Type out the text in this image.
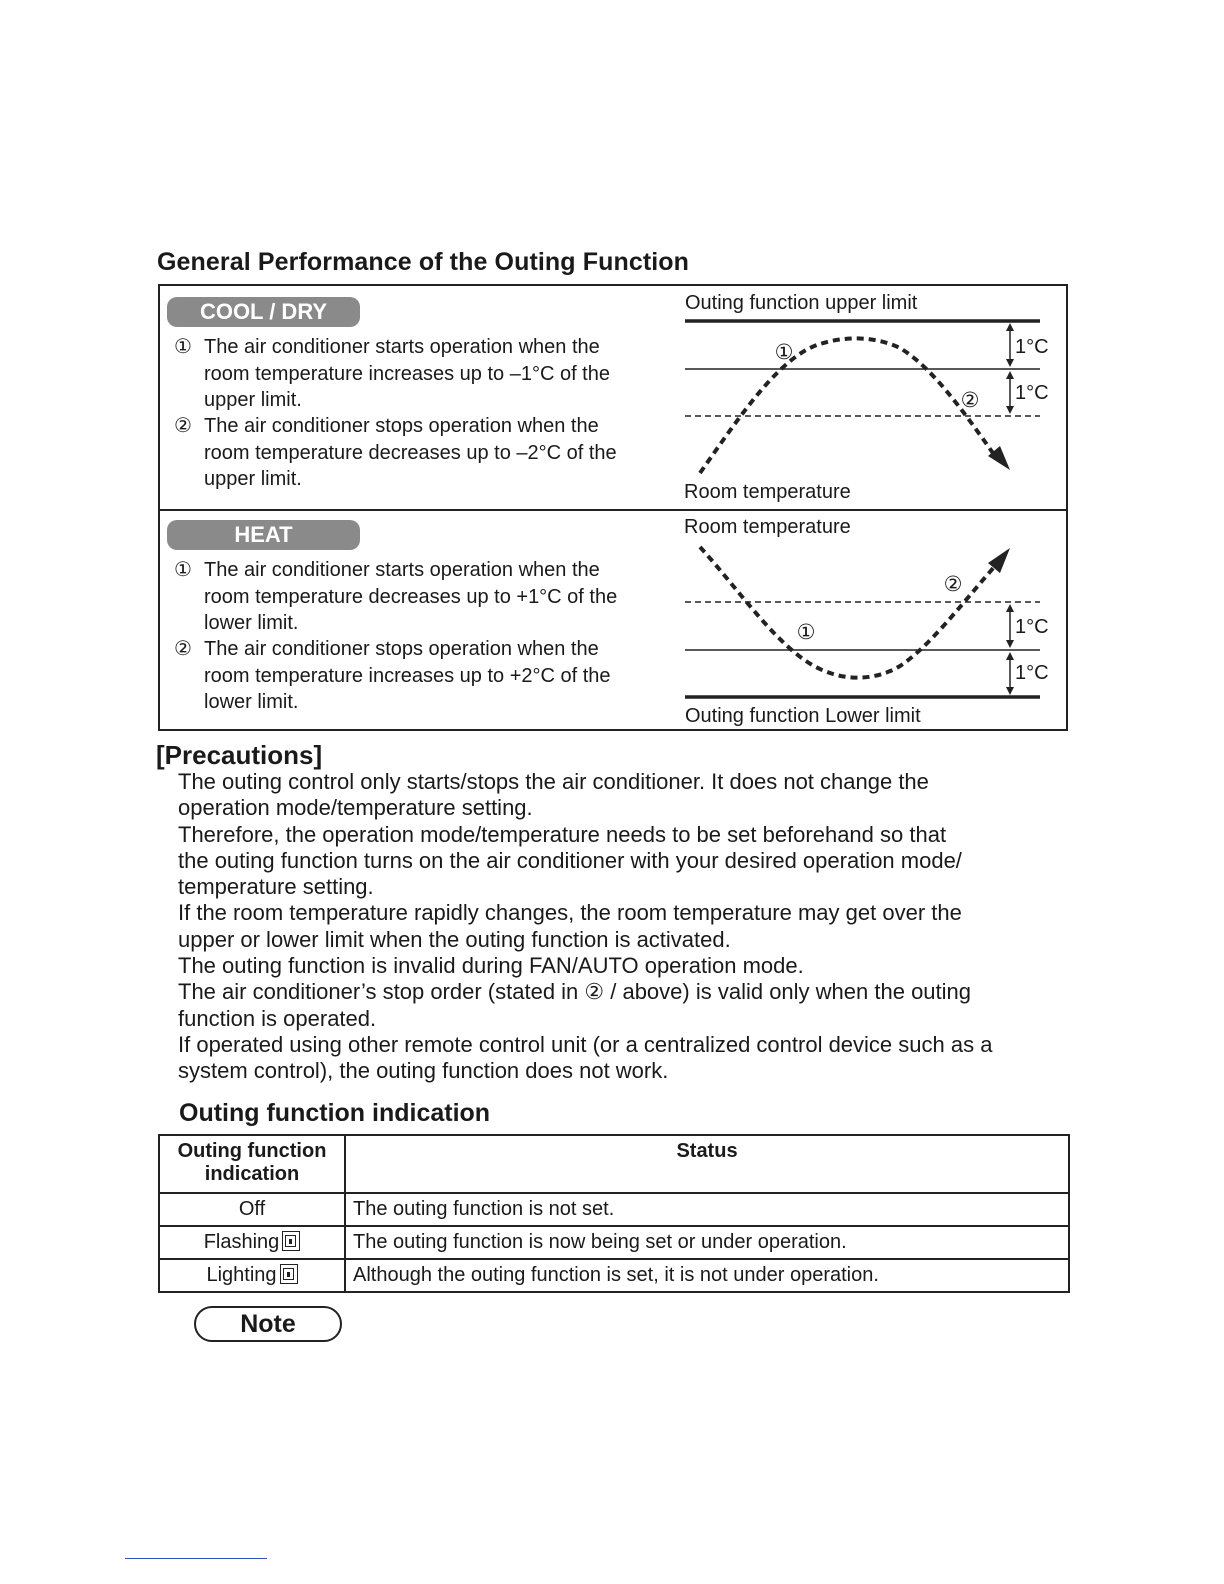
General Performance of the Outing Function
COOL / DRY
① The air conditioner starts operation when the room temperature increases up to –1°C of the upper limit.
② The air conditioner stops operation when the room temperature decreases up to –2°C of the upper limit.
Outing function upper limit
①
②
1°C
1°C
Room temperature
HEAT
① The air conditioner starts operation when the room temperature decreases up to +1°C of the lower limit.
② The air conditioner stops operation when the room temperature increases up to +2°C of the lower limit.
Room temperature
②
①	1°C
1°C
Outing function Lower limit
[Precautions]

The outing control only starts/stops the air conditioner. It does not change the

operation mode/temperature setting.

Therefore, the operation mode/temperature needs to be set beforehand so that

the outing function turns on the air conditioner with your desired operation mode/

temperature setting.

If the room temperature rapidly changes, the room temperature may get over the

upper or lower limit when the outing function is activated.

The outing function is invalid during FAN/AUTO operation mode.

The air conditioner’s stop order (stated in ② / above) is valid only when the outing

function is operated.

If operated using other remote control unit (or a centralized control device such as a

system control), the outing function does not work.

Outing function indication
Outing function
indication	Status
Off	The outing function is not set.
Flashing	The outing function is now being set or under operation.
Lighting	Although the outing function is set, it is not under operation.
Note
